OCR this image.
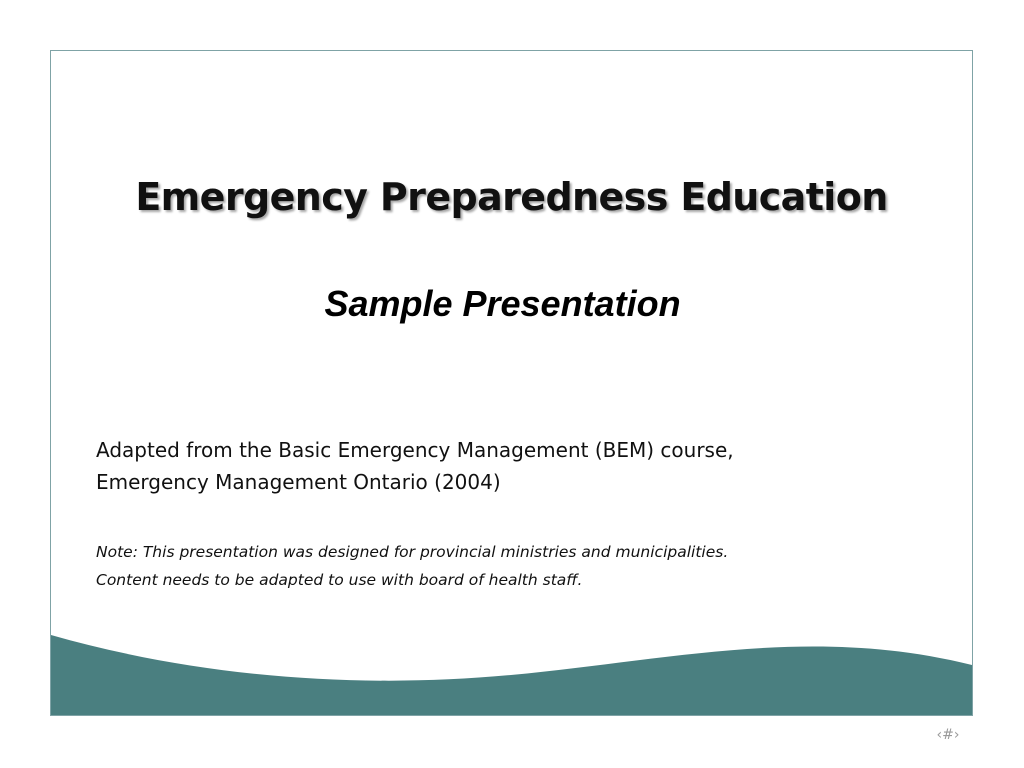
Emergency Preparedness Education
Sample Presentation

Adapted from the Basic Emergency Management (BEM) course,
Emergency Management Ontario (2004)

Note: This presentation was designed for provincial ministries and municipalities.
Content needs to be adapted to use with board of health staff.

‹#›
